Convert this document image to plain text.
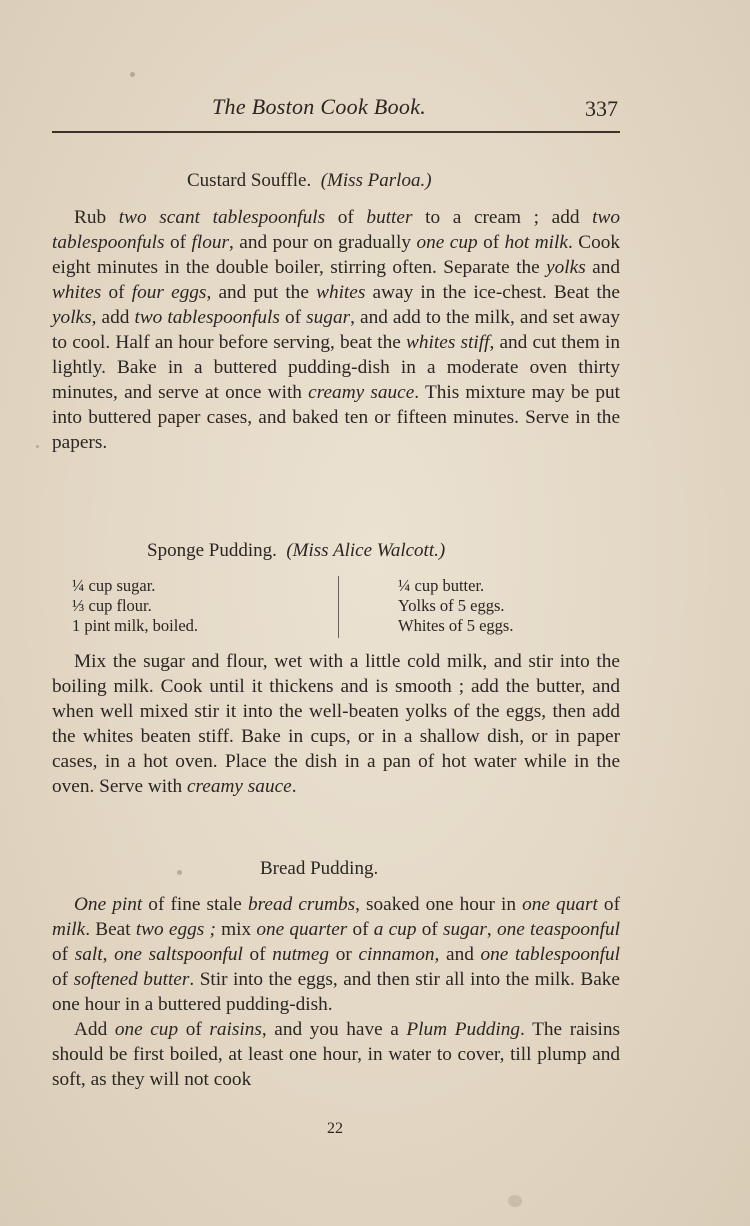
The Boston Cook Book.	337
Custard Souffle. (Miss Parloa.)

Rub two scant tablespoonfuls of butter to a cream ; add two tablespoonfuls of flour, and pour on gradually one cup of hot milk. Cook eight minutes in the double boiler, stirring often. Separate the yolks and whites of four eggs, and put the whites away in the ice-chest. Beat the yolks, add two tablespoonfuls of sugar, and add to the milk, and set away to cool. Half an hour before serving, beat the whites stiff, and cut them in lightly. Bake in a buttered pudding-dish in a moderate oven thirty minutes, and serve at once with creamy sauce. This mixture may be put into buttered paper cases, and baked ten or fifteen minutes. Serve in the papers.

Sponge Pudding. (Miss Alice Walcott.)
¼ cup sugar.
⅓ cup flour.
1 pint milk, boiled.
¼ cup butter.
Yolks of 5 eggs.
Whites of 5 eggs.

Mix the sugar and flour, wet with a little cold milk, and stir into the boiling milk. Cook until it thickens and is smooth ; add the butter, and when well mixed stir it into the well-beaten yolks of the eggs, then add the whites beaten stiff. Bake in cups, or in a shallow dish, or in paper cases, in a hot oven. Place the dish in a pan of hot water while in the oven. Serve with creamy sauce.

Bread Pudding.

One pint of fine stale bread crumbs, soaked one hour in one quart of milk. Beat two eggs ; mix one quarter of a cup of sugar, one teaspoonful of salt, one saltspoonful of nutmeg or cinnamon, and one tablespoonful of softened butter. Stir into the eggs, and then stir all into the milk. Bake one hour in a buttered pudding-dish.

Add one cup of raisins, and you have a Plum Pudding. The raisins should be first boiled, at least one hour, in water to cover, till plump and soft, as they will not cook

22
